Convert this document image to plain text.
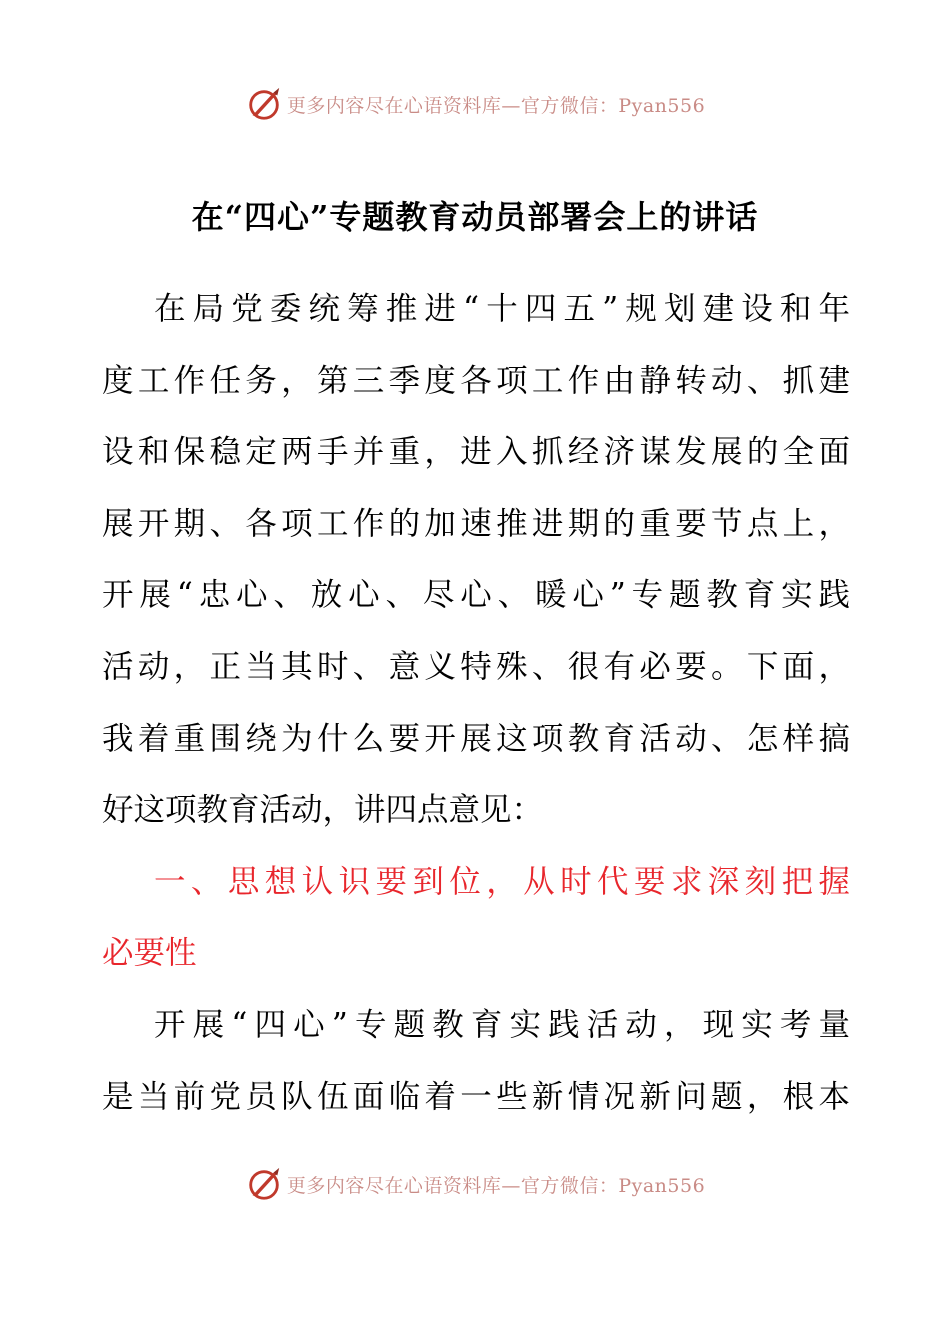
更多内容尽在心语资料库—官方微信：Pyan556
在“四心”专题教育动员部署会上的讲话
在局党委统筹推进“十四五”规划建设和年
度工作任务，第三季度各项工作由静转动、抓建
设和保稳定两手并重，进入抓经济谋发展的全面
展开期、各项工作的加速推进期的重要节点上，
开展“忠心、放心、尽心、暖心”专题教育实践
活动，正当其时、意义特殊、很有必要。下面，
我着重围绕为什么要开展这项教育活动、怎样搞
好这项教育活动，讲四点意见：
一、思想认识要到位，从时代要求深刻把握
必要性
开展“四心”专题教育实践活动，现实考量
是当前党员队伍面临着一些新情况新问题，根本
更多内容尽在心语资料库—官方微信：Pyan556
